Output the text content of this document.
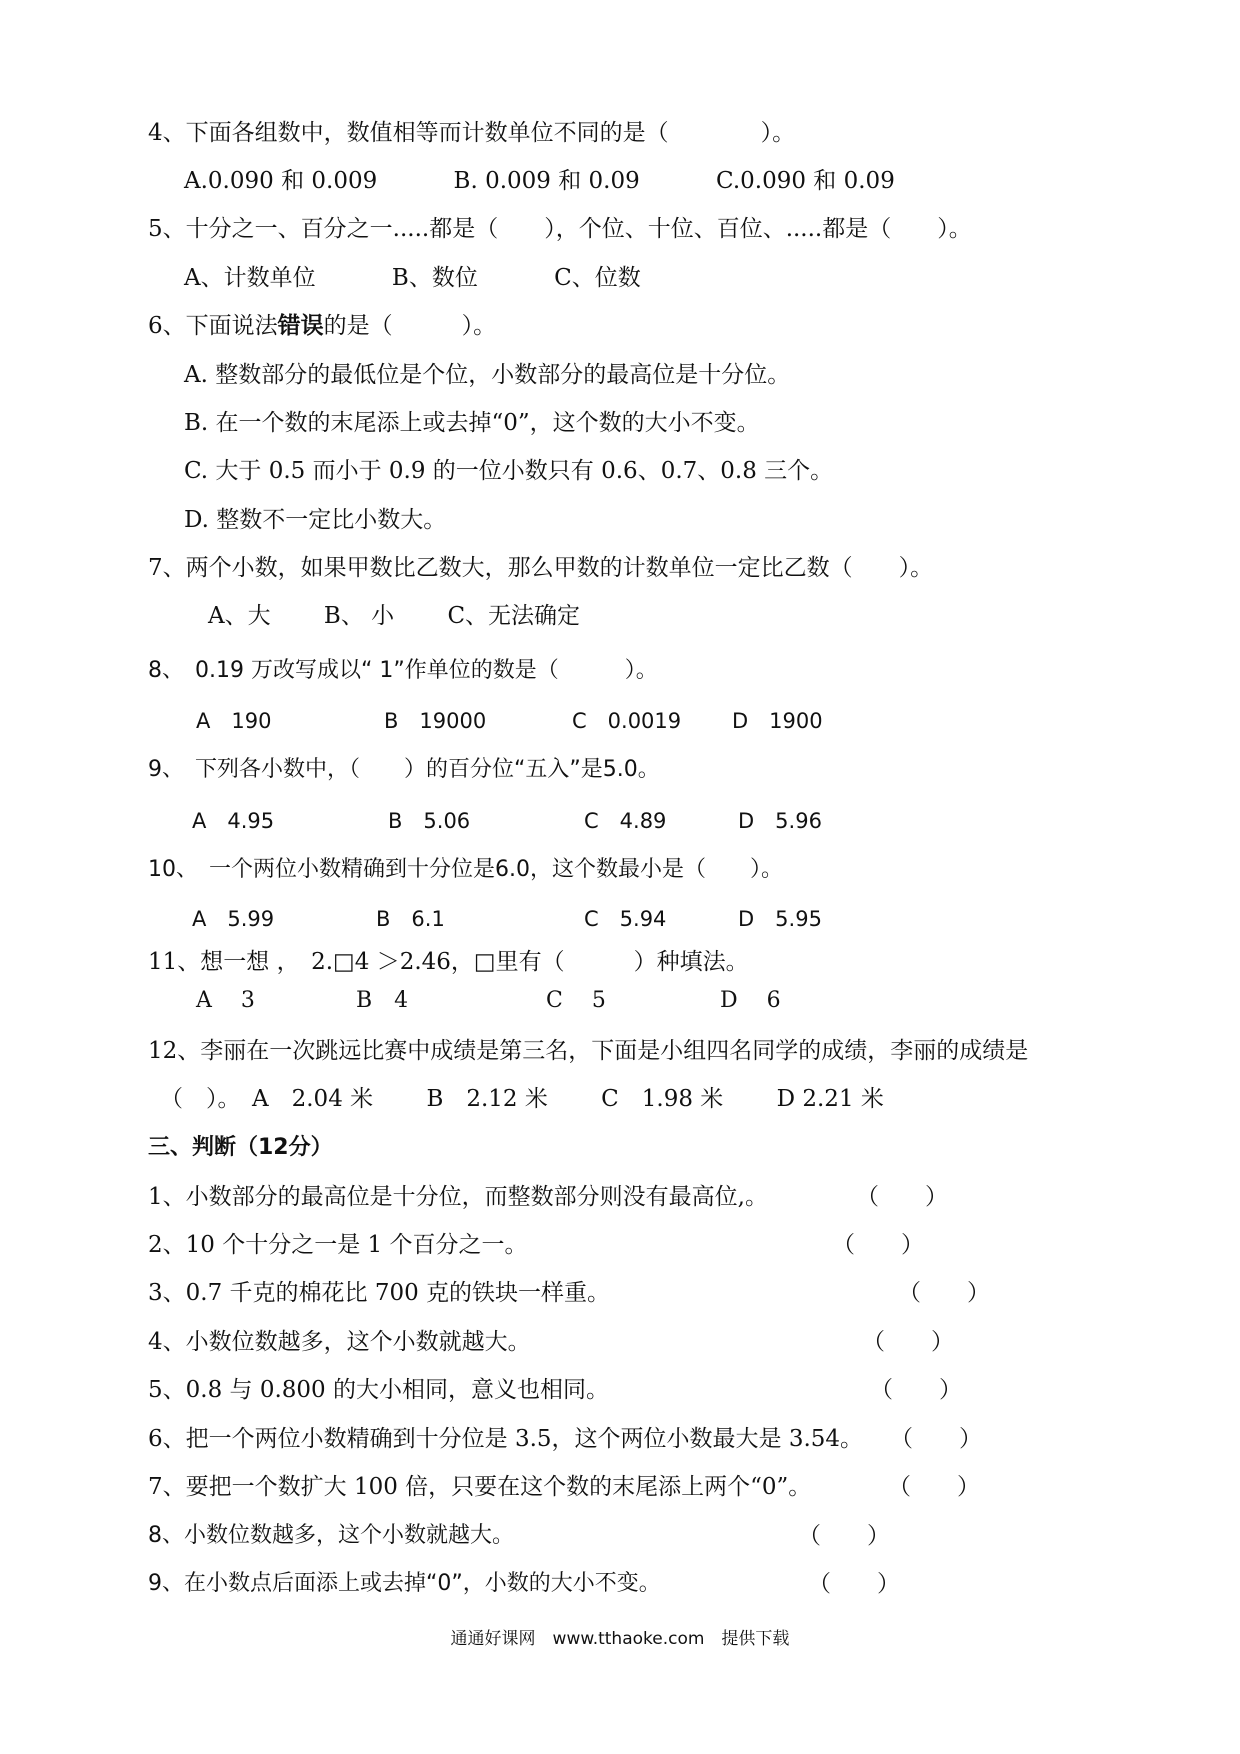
4、下面各组数中，数值相等而计数单位不同的是（　　　　）。
A.0.090 和 0.009　　　 B. 0.009 和 0.09　　　 C.0.090 和 0.09
5、十分之一、百分之一.....都是（　　），个位、十位、百位、.....都是（　　）。
A、计数单位　　　 B、数位　　　 C、位数
6、下面说法错误的是（　　　）。
A. 整数部分的最低位是个位，小数部分的最高位是十分位。
B. 在一个数的末尾添上或去掉“0”，这个数的大小不变。
C. 大于 0.5 而小于 0.9 的一位小数只有 0.6、0.7、0.8 三个。
D. 整数不一定比小数大。
7、两个小数，如果甲数比乙数大，那么甲数的计数单位一定比乙数（　　）。
A、大　　 B、 小　　 C、无法确定
8、　0.19 万改写成以“ 1”作单位的数是（　　　）。
A　190	B　19000	C　0.0019 D　1900
9、　下列各小数中，（　　）的百分位“五入”是5.0。
A　4.95	B　5.06	C　4.89	D　5.96
10、　一个两位小数精确到十分位是6.0，这个数最小是（　　）。
A　5.99	B　6.1	C　5.94	D　5.95
11、想一想 ，　2.□4 ＞2.46，□里有（　　　）种填法。
A　 3	B　4	C　 5	D　 6
12、李丽在一次跳远比赛中成绩是第三名，下面是小组四名同学的成绩，李丽的成绩是
（　）。　A　2.04 米　　 B　2.12 米　　 C　1.98 米　　 D 2.21 米
三、判断（12分）
1、小数部分的最高位是十分位，而整数部分则没有最高位,。	（　　）
2、10 个十分之一是 1 个百分之一。	（　　）
3、0.7 千克的棉花比 700 克的铁块一样重。	（　　）
4、小数位数越多，这个小数就越大。	（　　）
5、0.8 与 0.800 的大小相同，意义也相同。	（　　）
6、把一个两位小数精确到十分位是 3.5，这个两位小数最大是 3.54。 （　　）
7、要把一个数扩大 100 倍，只要在这个数的末尾添上两个“0”。	（　　）
8、小数位数越多，这个小数就越大。	（　　）
9、在小数点后面添上或去掉“0”，小数的大小不变。	（　　）
通通好课网　www.tthaoke.com　提供下载
